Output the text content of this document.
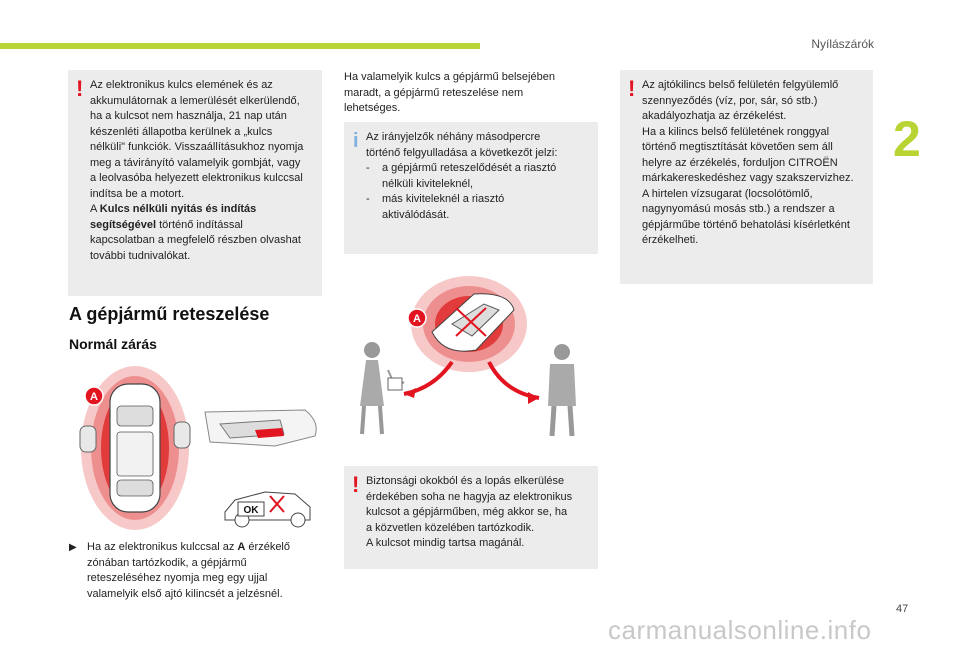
Nyílászárók
2
! Az elektronikus kulcs elemének és az
akkumulátornak a lemerülését elkerülendő,
ha a kulcsot nem használja, 21 nap után
készenléti állapotba kerülnek a „kulcs
nélküli" funkciók. Visszaállításukhoz nyomja
meg a távirányító valamelyik gombját, vagy
a leolvasóba helyezett elektronikus kulccsal
indítsa be a motort.
A Kulcs nélküli nyitás és indítás
segítségével történő indítással
kapcsolatban a megfelelő részben olvashat
további tudnivalókat.
A gépjármű reteszelése
Normál zárás
A
OK
▶ Ha az elektronikus kulccsal az A érzékelő
zónában tartózkodik, a gépjármű
reteszeléséhez nyomja meg egy ujjal
valamelyik első ajtó kilincsét a jelzésnél.
Ha valamelyik kulcs a gépjármű belsejében
maradt, a gépjármű reteszelése nem
lehetséges.
i Az irányjelzők néhány másodpercre
történő felgyulladása a következőt jelzi:
-	a gépjármű reteszelődését a riasztó
nélküli kiviteleknél,
-	más kiviteleknél a riasztó
aktiválódását.
A
! Biztonsági okokból és a lopás elkerülése
érdekében soha ne hagyja az elektronikus
kulcsot a gépjárműben, még akkor se, ha
a közvetlen közelében tartózkodik.
A kulcsot mindig tartsa magánál.
! Az ajtókilincs belső felületén felgyülemlő
szennyeződés (víz, por, sár, só stb.)
akadályozhatja az érzékelést.
Ha a kilincs belső felületének ronggyal
történő megtisztítását követően sem áll
helyre az érzékelés, forduljon CITROËN
márkakereskedéshez vagy szakszervizhez.
A hirtelen vízsugarat (locsolótömlő,
nagynyomású mosás stb.) a rendszer a
gépjárműbe történő behatolási kísérletként
érzékelheti.
47
carmanualsonline.info
